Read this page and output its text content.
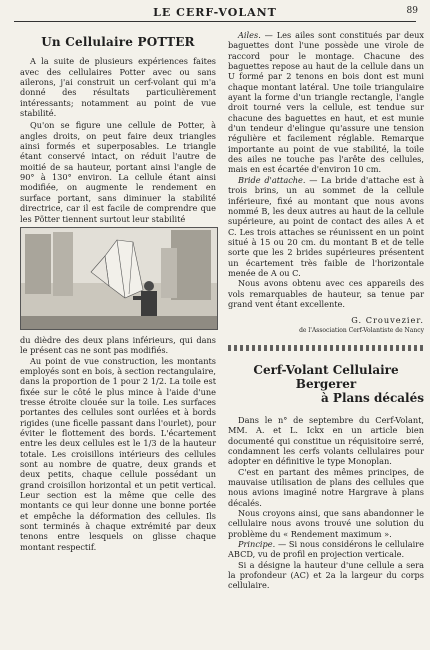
LE CERF-VOLANT	89
Un Cellulaire POTTER

A la suite de plusieurs expériences faites avec des cellulaires Potter avec ou sans ailerons, j'ai construit un cerf-volant qui m'a donné des résultats particulièrement intéressants; notamment au point de vue stabilité.

Qu'on se figure une cellule de Potter, à angles droits, on peut faire deux triangles ainsi formés et superposables. Le triangle étant conservé intact, on réduit l'autre de moitié de sa hauteur, portant ainsi l'angle de 90° à 130° environ. La cellule étant ainsi modifiée, on augmente le rendement en surface portant, sans diminuer la stabilité directrice, car il est facile de comprendre que les Pötter tiennent surtout leur stabilité

du dièdre des deux plans inférieurs, qui dans le présent cas ne sont pas modifiés.

Au point de vue construction, les montants employés sont en bois, à section rectangulaire, dans la proportion de 1 pour 2 1/2. La toile est fixée sur le côté le plus mince à l'aide d'une tresse étroite clouée sur la toile. Les surfaces portantes des cellules sont ourlées et à bords rigides (une ficelle passant dans l'ourlet), pour éviter le flottement des bords. L'écartement entre les deux cellules est le 1/3 de la hauteur totale. Les croisillons intérieurs des cellules sont au nombre de quatre, deux grands et deux petits, chaque cellule possédant un grand croisillon horizontal et un petit vertical. Leur section est la même que celle des montants ce qui leur donne une bonne portée et empêche la déformation des cellules. Ils sont terminés à chaque extrémité par deux tenons entre lesquels on glisse chaque montant respectif.

Ailes. — Les ailes sont constitués par deux baguettes dont l'une possède une virole de raccord pour le montage. Chacune des baguettes repose au haut de la cellule dans un U formé par 2 tenons en bois dont est muni chaque montant latéral. Une toile triangulaire ayant la forme d'un triangle rectangle, l'angle droit tourné vers la cellule, est tendue sur chacune des baguettes en haut, et est munie d'un tendeur d'elingue qu'assure une tension régulière et facilement réglable. Remarque importante au point de vue stabilité, la toile des ailes ne touche pas l'arête des cellules, mais en est écartée d'environ 10 cm.

Bride d'attache. — La bride d'attache est à trois brins, un au sommet de la cellule inférieure, fixé au montant que nous avons nommé B, les deux autres au haut de la cellule supérieure, au point de contact des ailes A et C. Les trois attaches se réunissent en un point situé à 15 ou 20 cm. du montant B et de telle sorte que les 2 brides supérieures présentent un écartement très faible de l'horizontale menée de A ou C.

Nous avons obtenu avec ces appareils des vols remarquables de hauteur, sa tenue par grand vent étant excellente.

G. Crouvezier.
de l'Association Cerf-Volantiste de Nancy
Cerf-Volant Cellulaire Bergerer
à Plans décalés

Dans le n° de septembre du Cerf-Volant, MM. A. et L. Ickx en un article bien documenté qui constitue un réquisitoire serré, condamnent les cerfs volants cellulaires pour adopter en définitive le type Monoplan.

C'est en partant des mêmes principes, de mauvaise utilisation de plans des cellules que nous avions imaginé notre Hargrave à plans décalés.

Nous croyons ainsi, que sans abandonner le cellulaire nous avons trouvé une solution du problème du « Rendement maximum ».

Principe. — Si nous considérons le cellulaire ABCD, vu de profil en projection verticale.

Si a désigne la hauteur d'une cellule a sera la profondeur (AC) et 2a la largeur du corps cellulaire.
